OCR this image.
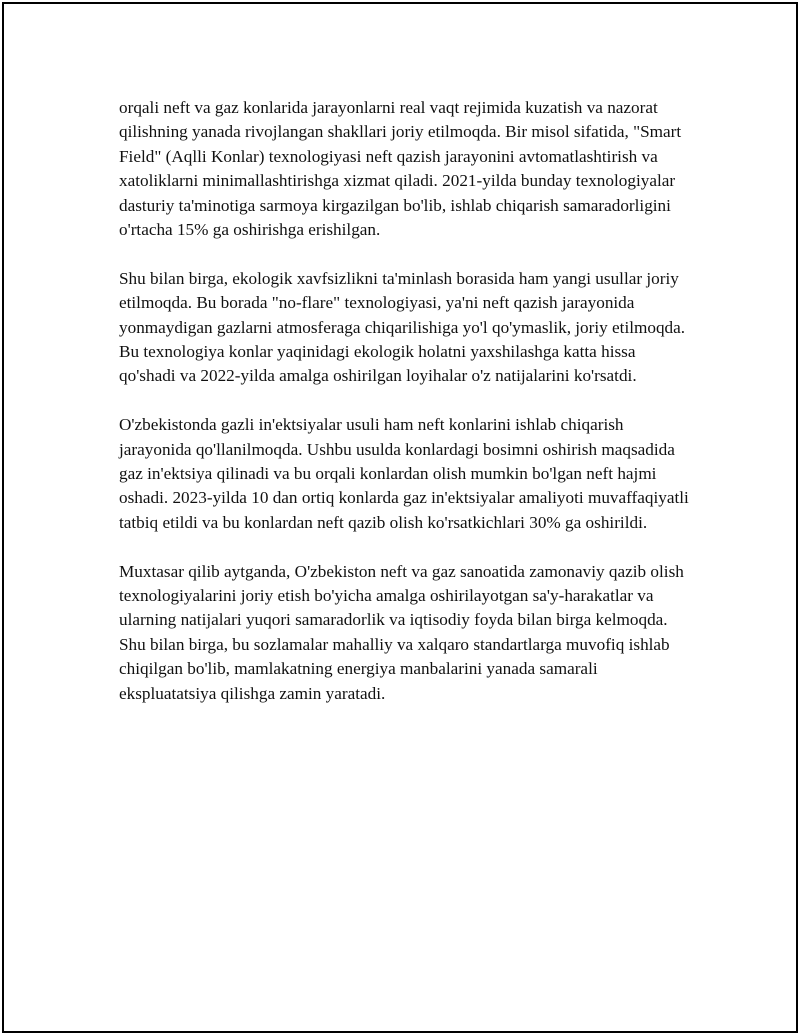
orqali neft va gaz konlarida jarayonlarni real vaqt rejimida kuzatish va nazorat qilishning yanada rivojlangan shakllari joriy etilmoqda. Bir misol sifatida, "Smart Field" (Aqlli Konlar) texnologiyasi neft qazish jarayonini avtomatlashtirish va xatoliklarni minimallashtirishga xizmat qiladi. 2021-yilda bunday texnologiyalar dasturiy ta'minotiga sarmoya kirgazilgan bo'lib, ishlab chiqarish samaradorligini o'rtacha 15% ga oshirishga erishilgan.

Shu bilan birga, ekologik xavfsizlikni ta'minlash borasida ham yangi usullar joriy etilmoqda. Bu borada "no-flare" texnologiyasi, ya'ni neft qazish jarayonida yonmaydigan gazlarni atmosferaga chiqarilishiga yo'l qo'ymaslik, joriy etilmoqda. Bu texnologiya konlar yaqinidagi ekologik holatni yaxshilashga katta hissa qo'shadi va 2022-yilda amalga oshirilgan loyihalar o'z natijalarini ko'rsatdi.

O'zbekistonda gazli in'ektsiyalar usuli ham neft konlarini ishlab chiqarish jarayonida qo'llanilmoqda. Ushbu usulda konlardagi bosimni oshirish maqsadida gaz in'ektsiya qilinadi va bu orqali konlardan olish mumkin bo'lgan neft hajmi oshadi. 2023-yilda 10 dan ortiq konlarda gaz in'ektsiyalar amaliyoti muvaffaqiyatli tatbiq etildi va bu konlardan neft qazib olish ko'rsatkichlari 30% ga oshirildi.

Muxtasar qilib aytganda, O'zbekiston neft va gaz sanoatida zamonaviy qazib olish texnologiyalarini joriy etish bo'yicha amalga oshirilayotgan sa'y-harakatlar va ularning natijalari yuqori samaradorlik va iqtisodiy foyda bilan birga kelmoqda. Shu bilan birga, bu sozlamalar mahalliy va xalqaro standartlarga muvofiq ishlab chiqilgan bo'lib, mamlakatning energiya manbalarini yanada samarali ekspluatatsiya qilishga zamin yaratadi.
